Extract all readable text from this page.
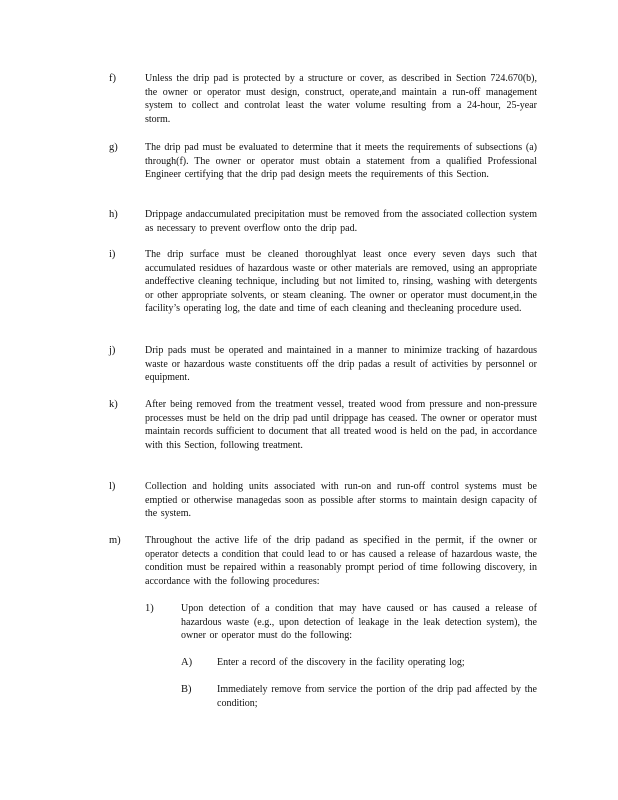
f)	Unless the drip pad is protected by a structure or cover, as described in Section 724.670(b), the owner or operator must design, construct, operate,and maintain a run-off management system to collect and controlat least the water volume resulting from a 24-hour, 25-year storm.
g)	The drip pad must be evaluated to determine that it meets the requirements of subsections (a) through(f). The owner or operator must obtain a statement from a qualified Professional Engineer certifying that the drip pad design meets the requirements of this Section.
h)	Drippage andaccumulated precipitation must be removed from the associated collection system as necessary to prevent overflow onto the drip pad.
i)	The drip surface must be cleaned thoroughlyat least once every seven days such that accumulated residues of hazardous waste or other materials are removed, using an appropriate andeffective cleaning technique, including but not limited to, rinsing, washing with detergents or other appropriate solvents, or steam cleaning. The owner or operator must document,in the facility’s operating log, the date and time of each cleaning and thecleaning procedure used.
j)	Drip pads must be operated and maintained in a manner to minimize tracking of hazardous waste or hazardous waste constituents off the drip padas a result of activities by personnel or equipment.
k)	After being removed from the treatment vessel, treated wood from pressure and non-pressure processes must be held on the drip pad until drippage has ceased. The owner or operator must maintain records sufficient to document that all treated wood is held on the pad, in accordance with this Section, following treatment.
l)	Collection and holding units associated with run-on and run-off control systems must be emptied or otherwise managedas soon as possible after storms to maintain design capacity of the system.
m) Throughout the active life of the drip padand as specified in the permit, if the owner or operator detects a condition that could lead to or has caused a release of hazardous waste, the condition must be repaired within a reasonably prompt period of time following discovery, in accordance with the following procedures:
1)	Upon detection of a condition that may have caused or has caused a release of hazardous waste (e.g., upon detection of leakage in the leak detection system), the owner or operator must do the following:
A) Enter a record of the discovery in the facility operating log;
B)	Immediately remove from service the portion of the drip pad affected by the condition;
